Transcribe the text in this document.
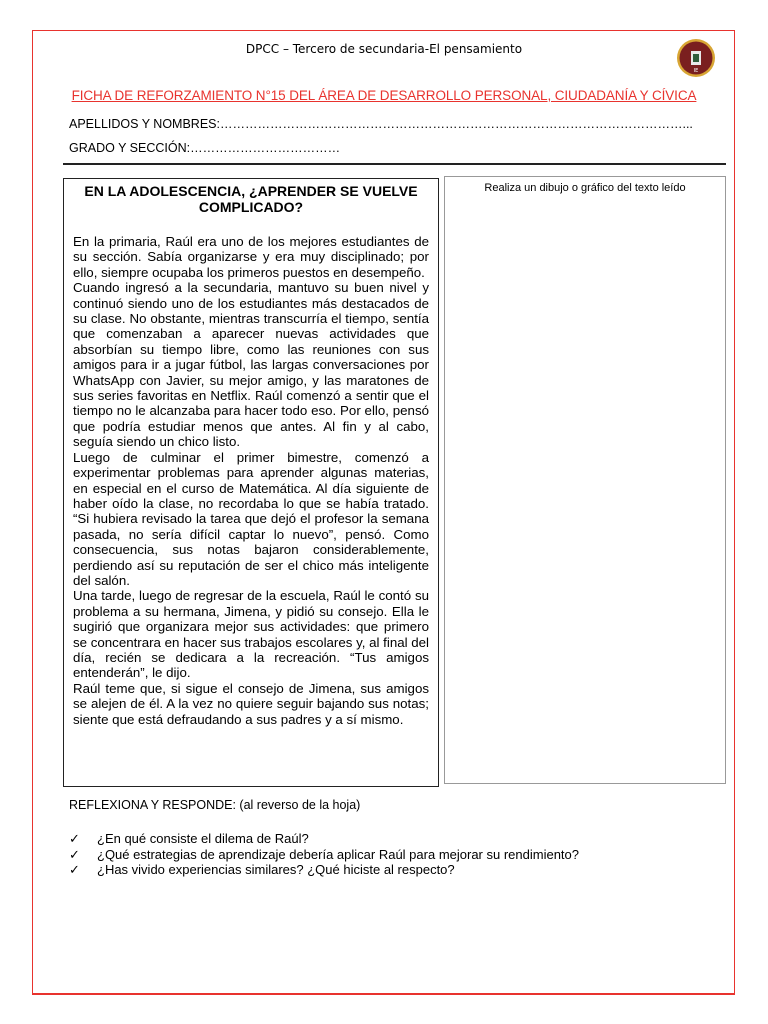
DPCC – Tercero de secundaria-El pensamiento
IE
FICHA DE REFORZAMIENTO N°15 DEL ÁREA DE DESARROLLO PERSONAL, CIUDADANÍA Y CÍVICA
APELLIDOS Y NOMBRES:…………………………………………………………………………………………………...
GRADO Y SECCIÓN:………………………………
EN LA ADOLESCENCIA, ¿APRENDER SE VUELVE COMPLICADO?

En la primaria, Raúl era uno de los mejores estudiantes de su sección. Sabía organizarse y era muy disciplinado; por ello, siempre ocupaba los primeros puestos en desempeño.

Cuando ingresó a la secundaria, mantuvo su buen nivel y continuó siendo uno de los estudiantes más destacados de su clase. No obstante, mientras transcurría el tiempo, sentía que comenzaban a aparecer nuevas actividades que absorbían su tiempo libre, como las reuniones con sus amigos para ir a jugar fútbol, las largas conversaciones por WhatsApp con Javier, su mejor amigo, y las maratones de sus series favoritas en Netflix. Raúl comenzó a sentir que el tiempo no le alcanzaba para hacer todo eso. Por ello, pensó que podría estudiar menos que antes. Al fin y al cabo, seguía siendo un chico listo.

Luego de culminar el primer bimestre, comenzó a experimentar problemas para aprender algunas materias, en especial en el curso de Matemática. Al día siguiente de haber oído la clase, no recordaba lo que se había tratado. “Si hubiera revisado la tarea que dejó el profesor la semana pasada, no sería difícil captar lo nuevo”, pensó. Como consecuencia, sus notas bajaron considerablemente, perdiendo así su reputación de ser el chico más inteligente del salón.

Una tarde, luego de regresar de la escuela, Raúl le contó su problema a su hermana, Jimena, y pidió su consejo. Ella le sugirió que organizara mejor sus actividades: que primero se concentrara en hacer sus trabajos escolares y, al final del día, recién se dedicara a la recreación. “Tus amigos entenderán”, le dijo.

Raúl teme que, si sigue el consejo de Jimena, sus amigos se alejen de él. A la vez no quiere seguir bajando sus notas; siente que está defraudando a sus padres y a sí mismo.

Realiza un dibujo o gráfico del texto leído
REFLEXIONA Y RESPONDE: (al reverso de la hoja)
✓	¿En qué consiste el dilema de Raúl?
✓	¿Qué estrategias de aprendizaje debería aplicar Raúl para mejorar su rendimiento?
✓	¿Has vivido experiencias similares? ¿Qué hiciste al respecto?
